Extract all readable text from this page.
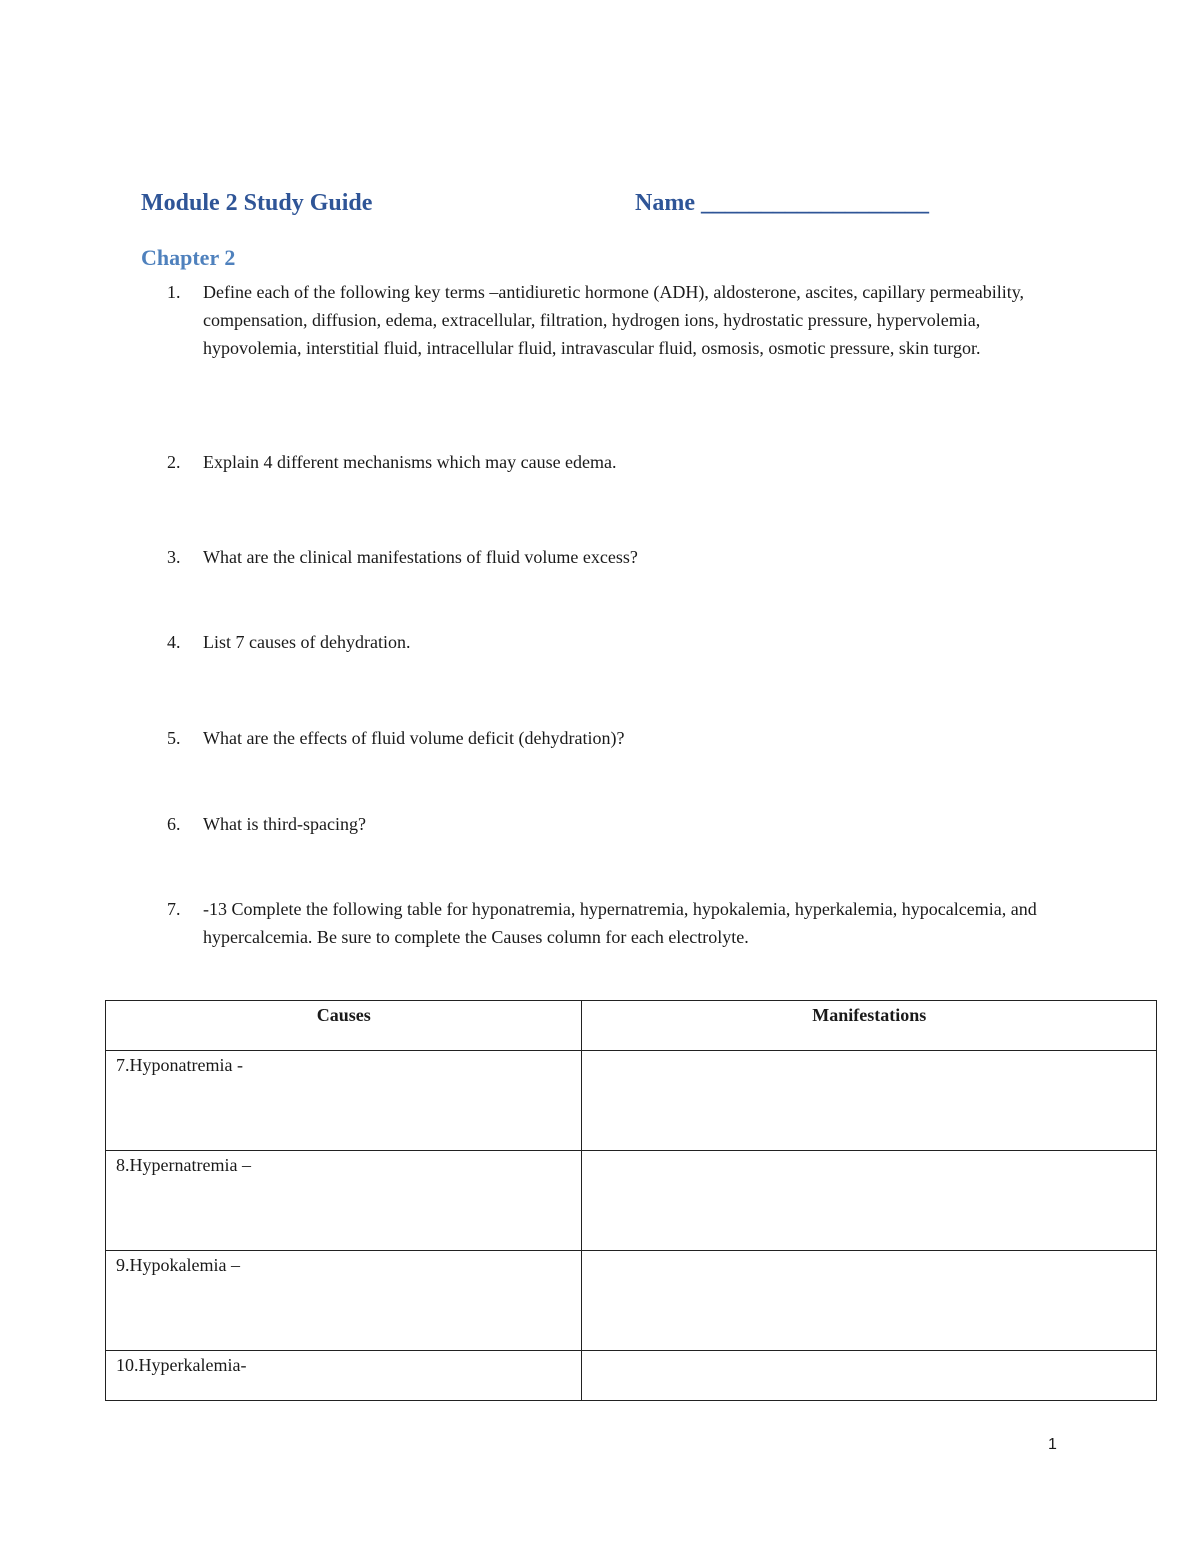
Module 2 Study Guide	Name ___________________
Chapter 2
1.	Define each of the following key terms –antidiuretic hormone (ADH), aldosterone, ascites, capillary permeability, compensation, diffusion, edema, extracellular, filtration, hydrogen ions, hydrostatic pressure, hypervolemia, hypovolemia, interstitial fluid, intracellular fluid, intravascular fluid, osmosis, osmotic pressure, skin turgor.
2.	Explain 4 different mechanisms which may cause edema.
3.	What are the clinical manifestations of fluid volume excess?
4.	List 7 causes of dehydration.
5.	What are the effects of fluid volume deficit (dehydration)?
6.	What is third-spacing?
7.	-13 Complete the following table for hyponatremia, hypernatremia, hypokalemia, hyperkalemia, hypocalcemia, and hypercalcemia. Be sure to complete the Causes column for each electrolyte.
Causes	Manifestations
7.Hyponatremia -	
8.Hypernatremia –	
9.Hypokalemia –	
10.Hyperkalemia-	
1
